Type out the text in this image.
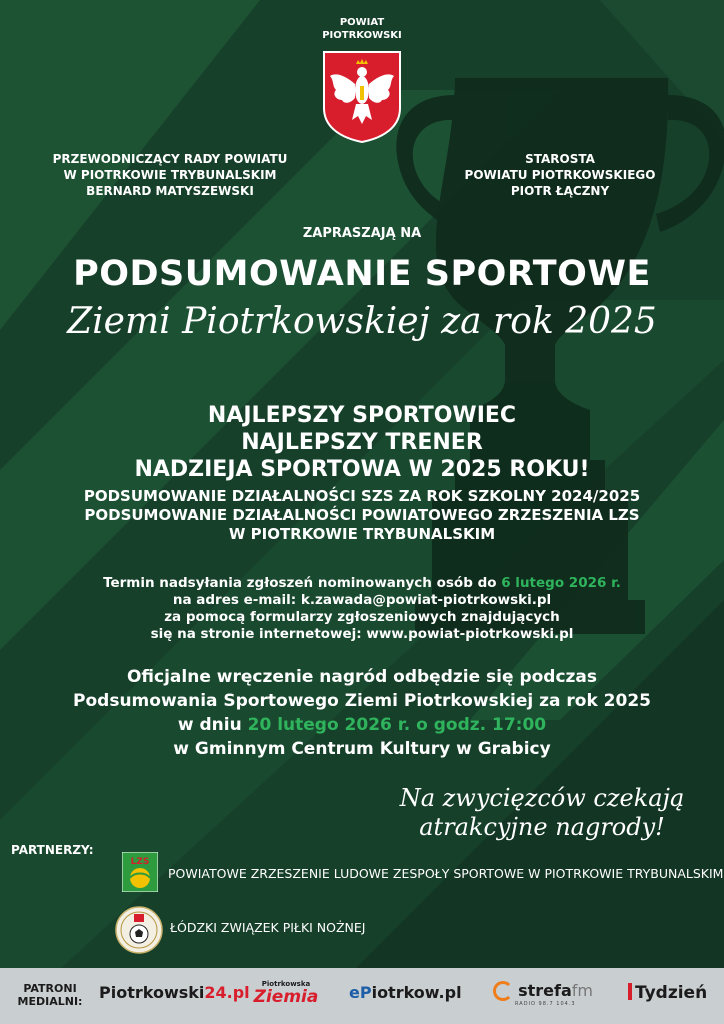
POWIAT
PIOTRKOWSKI
PRZEWODNICZĄCY RADY POWIATU
W PIOTRKOWIE TRYBUNALSKIM
BERNARD MATYSZEWSKI
STAROSTA
POWIATU PIOTRKOWSKIEGO
PIOTR ŁĄCZNY
ZAPRASZAJĄ NA
PODSUMOWANIE SPORTOWE
Ziemi Piotrkowskiej za rok 2025
NAJLEPSZY SPORTOWIEC
NAJLEPSZY TRENER
NADZIEJA SPORTOWA W 2025 ROKU!
PODSUMOWANIE DZIAŁALNOŚCI SZS ZA ROK SZKOLNY 2024/2025
PODSUMOWANIE DZIAŁALNOŚCI POWIATOWEGO ZRZESZENIA LZS
W PIOTRKOWIE TRYBUNALSKIM
Termin nadsyłania zgłoszeń nominowanych osób do 6 lutego 2026 r.
na adres e-mail: k.zawada@powiat-piotrkowski.pl
za pomocą formularzy zgłoszeniowych znajdujących
się na stronie internetowej: www.powiat-piotrkowski.pl
Oficjalne wręczenie nagród odbędzie się podczas
Podsumowania Sportowego Ziemi Piotrkowskiej za rok 2025
w dniu 20 lutego 2026 r. o godz. 17:00
w Gminnym Centrum Kultury w Grabicy
Na zwycięzców czekają
atrakcyjne nagrody!
PARTNERZY:
LZS
POWIATOWE ZRZESZENIE LUDOWE ZESPOŁY SPORTOWE W PIOTRKOWIE TRYBUNALSKIM
ŁÓDZKI ZWIĄZEK PIŁKI NOŻNEJ
PATRONI
MEDIALNI:	Piotrkowski24.pl	Piotrkowska
Ziemia	ePiotrkow.pl	strefafm
RADIO 98.7 104.3
Tydzień
